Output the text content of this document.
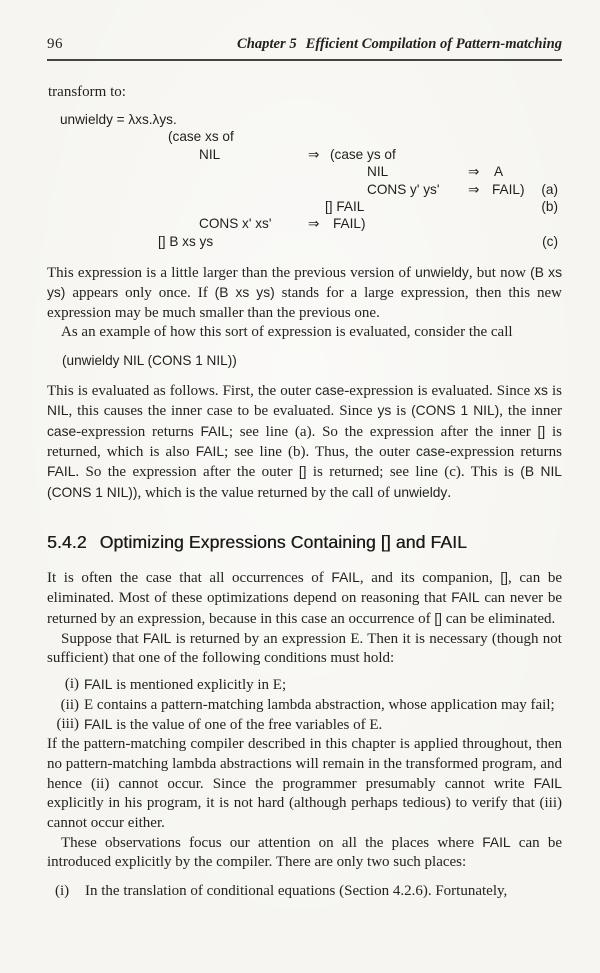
96	Chapter 5 Efficient Compilation of Pattern-matching

transform to:

unwieldy = λxs.λys.
(case xs of
NIL	⇒ (case ys of
NIL	⇒ A
CONS y' ys' ⇒ FAIL) (a)
[] FAIL	(b)
CONS x' xs'	⇒ FAIL)
[] B xs ys	(c)

This expression is a little larger than the previous version of unwieldy, but now (B xs ys) appears only once. If (B xs ys) stands for a large expression, then this new expression may be much smaller than the previous one.

As an example of how this sort of expression is evaluated, consider the call

(unwieldy NIL (CONS 1 NIL))

This is evaluated as follows. First, the outer case-expression is evaluated. Since xs is NIL, this causes the inner case to be evaluated. Since ys is (CONS 1 NIL), the inner case-expression returns FAIL; see line (a). So the expression after the inner [] is returned, which is also FAIL; see line (b). Thus, the outer case-expression returns FAIL. So the expression after the outer [] is returned; see line (c). This is (B NIL (CONS 1 NIL)), which is the value returned by the call of unwieldy.

5.4.2 Optimizing Expressions Containing [] and FAIL

It is often the case that all occurrences of FAIL, and its companion, [], can be eliminated. Most of these optimizations depend on reasoning that FAIL can never be returned by an expression, because in this case an occurrence of [] can be eliminated.

Suppose that FAIL is returned by an expression E. Then it is necessary (though not sufficient) that one of the following conditions must hold:

(i) FAIL is mentioned explicitly in E;
(ii) E contains a pattern-matching lambda abstraction, whose application may fail;
(iii) FAIL is the value of one of the free variables of E.

If the pattern-matching compiler described in this chapter is applied throughout, then no pattern-matching lambda abstractions will remain in the transformed program, and hence (ii) cannot occur. Since the programmer presumably cannot write FAIL explicitly in his program, it is not hard (although perhaps tedious) to verify that (iii) cannot occur either.

These observations focus our attention on all the places where FAIL can be introduced explicitly by the compiler. There are only two such places:

(i)	In the translation of conditional equations (Section 4.2.6). Fortunately,
